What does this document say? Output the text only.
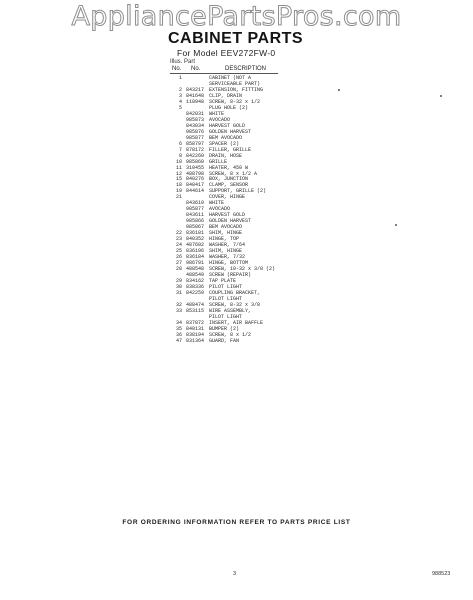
AppliancePartsPros.com
CABINET PARTS
For Model EEV272FW-0
Illus. Part
No. No.	DESCRIPTION
1	CABINET (NOT A
SERVICEABLE PART)
2 843217 EXTENSION, FITTING
3 841648 CLIP, DRAIN
4 118948 SCREW, 8-32 x 1/2
5	PLUG HOLE (2)
842031 WHITE
985873 AVOCADO
843034 HARVEST GOLD
985876 GOLDEN HARVEST
985877 BEM AVOCADO
6 858797 SPACER (2)
7 878172 FILLER, GRILLE
8 842260 DRAIN, HOSE
10 985860 GRILLE
11 310455 HEATER, 450 W
12 488798 SCREW, 8 x 1/2 A
15 840276 BOX, JUNCTION
18 848417 CLAMP, SENSOR
19 844614 SUPPORT, GRILLE (2)
21	COVER, HINGE
843610 WHITE
985877 AVOCADO
843611 HARVEST GOLD
985866 GOLDEN HARVEST
985867 BEM AVOCADO
22 836181 SHIM, HINGE
23 840352 HINGE, TOP
24 487602 WASHER, 7/64
25 836196 SHIM, HINGE
26 836184 WASHER, 7/32
27 986791 HINGE, BOTTOM
28 488548 SCREW, 10-32 x 3/8 (2)
488549 SCREW (REPAIR)
29 834162 TAP PLATE
30 838336 PILOT LIGHT
31 842259 COUPLING BRACKET,
PILOT LIGHT
32 488474 SCREW, 8-32 x 3/8
33 853115 WIRE ASSEMBLY,
PILOT LIGHT
34 837872 INSERT, AIR BAFFLE
35 840131 BUMPER (2)
36 838194 SCREW, 8 x 1/2
47 831364 GUARD, FAN
FOR ORDERING INFORMATION REFER TO PARTS PRICE LIST
3	988523
